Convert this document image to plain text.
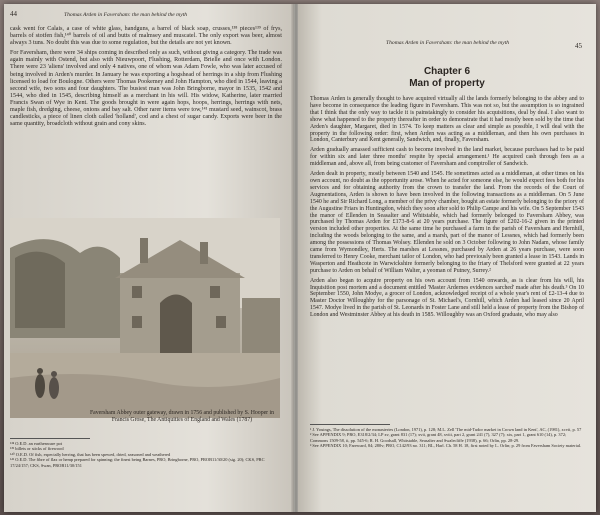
44	Thomas Arden in Faversham: the man behind the myth

cask went for Calais, a case of white glass, handguns, a barrel of black soap, crusses,¹³⁸ pieces¹³⁹ of frys, barrels of stotfen fish,¹⁴⁰ barrels of oil and butts of malmsey and muscatel. The only export was beer, almost always 3 tuns. No doubt this was due to some regulation, but the details are not yet known.

For Faversham, there were 34 ships coming in described only as such, without giving a category. The trade was again mainly with Ostend, but also with Nieuwpoort, Flushing, Rotterdam, Brielle and once with London. There were 23 'aliens' involved and only 4 natives, one of whom was Adam Fowle, who was later accused of being involved in Arden's murder. In January he was exporting a hogshead of herrings in a ship from Flushing licensed to load for Boulogne. Others were Thomas Pookemey and John Hampton, who died in 1544, leaving a second wife, two sons and four daughters. The busiest man was John Bringborne, mayor in 1535, 1542 and 1544, who died in 1545, describing himself as a merchant in his will. His widow, Katherine, later married Francis Swan of Wye in Kent. The goods brought in were again hops, hoops, herrings, herrings with nets, maple fish, dredging, cheese, onions and bay salt. Other rarer items were tow,¹⁴¹ mustard seed, wainscot, brass candlesticks, a piece of linen cloth called 'holland', cod and a chest of sugar candy. Exports were beer in the same quantity, broadcloth without grain and cony skins.

Faversham Abbey outer gateway, drawn in 1756 and published by S. Hooper in Francis Grose, The Antiquities of England and Wales (1787)
¹³⁸ O.E.D. an earthenware pot
¹³⁹ billets or sticks of firewood
¹⁴⁰ O.E.D. Of fish, especially herring, that has been spewed, dried, seasoned and weathered
¹⁴¹ O.E.D. The fibre of flax or hemp prepared for spinning; the finest being Barnes, PRO, Bringborne, PRO, PROB11/30/20 (sig. 20); CKS, PRC 17/24/157; CKS, Swan, PROB11/30/151
Thomas Arden in Faversham: the man behind the myth	45
Chapter 6
Man of property

Thomas Arden is generally thought to have acquired virtually all the lands formerly belonging to the abbey and to have become in consequence the leading figure in Faversham. This was not so, but the assumption is so ingrained that I think that the only way to tackle it is painstakingly to consider his acquisitions, deal by deal. I also want to show what happened to the property thereafter in order to demonstrate that it had mostly been sold by the time that Arden's daughter, Margaret, died in 1574. To keep matters as clear and simple as possible, I will deal with the property in the following order: first, when Arden was acting as a middleman, and then his own purchases in London, Canterbury and Kent generally, Sandwich, and, finally, Faversham.

Arden gradually amassed sufficient cash to become involved in the land market, because purchases had to be paid for within six and later three months' respite by special arrangement.¹ He acquired cash through fees as a middleman and, above all, from being customer of Faversham and comptroller of Sandwich.

Arden dealt in property, mostly between 1540 and 1545. He sometimes acted as a middleman, at other times on his own account, no doubt as the opportunity arose. When he acted for someone else, he would expect fees both for his services and for obtaining authority from the crown to transfer the land. From the records of the Court of Augmentations, Arden is shown to have been involved in the following transactions as a middleman. On 5 June 1540 he and Sir Richard Long, a member of the privy chamber, bought an estate formerly belonging to the priory of the Augustine Friars in Huntingdon, which they soon after sold to Philip Campe and his wife. On 5 September 1543 the manor of Ellenden in Seasalter and Whitstable, which had formerly belonged to Faversham Abbey, was purchased by Thomas Arden for £173-8-6 at 20 years purchase. The figure of £202-16-2 given in the printed version included other properties. At the same time he purchased a farm in the parish of Faversham and Hernhill, including the woods belonging to the same, and a marsh, part of the manor of Lessnes, which had formerly been among the possessions of Thomas Wolsey. Ellenden he sold on 3 October following to John Nadam, whose family came from Wymondley, Herts. The marshes at Lessnes, purchased by Arden at 26 years purchase, were soon transferred to Henry Cooke, merchant tailor of London, who had previously been granted a lease in 1543. Lands in Wasperton and Heathcote in Warwickshire formerly belonging to the friary of Thelsford were granted at 22 years purchase to Arden on behalf of William Walter, a yeoman of Putney, Surrey.²

Arden also began to acquire property on his own account from 1540 onwards, as is clear from his will, his Inquisition post mortem and a document entitled 'Master Ardernes evidences sarched' made after his death.³ On 10 September 1550, John Modye, a grocer of London, acknowledged receipt of a whole year's rent of £2-13-4 due to Master Doctor Willoughby for the parsonage of St. Michael's, Cornhill, which Arden had leased since 20 April 1547. Modye lived in the parish of St. Leonards in Foster Lane and still held a lease of property from the Bishop of London and Westminster Abbey at his death in 1585. Willoughby was an Oxford graduate, who may also

¹ J. Youings, The dissolution of the monasteries (London, 1971), p. 128; M.L. Zell 'The mid-Tudor market in Crown land in Kent', AC, (1981), xcvii, p. 57
² See APPENDIX 9; PRO, E318/2/34; LP xv, grant 831 (17); xvii, grant 48, xviii, part 2, grant 241 (7), 327 (7); xix, part 1, grant 610 (14), p. 372; Commons 1509-58, ii, pp. 545-6; R. H. Goodsall, Whitstable, Seasalter and Swalecliffe (1938), p. 66; Orlin, pp. 28-29.
³ See APPENDIX 10; Fareward, 84; 280v; PRO, C142/93 no. 311; BL, Harl. Ch. 58 H. 18, first noted by L. Orlin; p. 29 from Faversham Society material.
